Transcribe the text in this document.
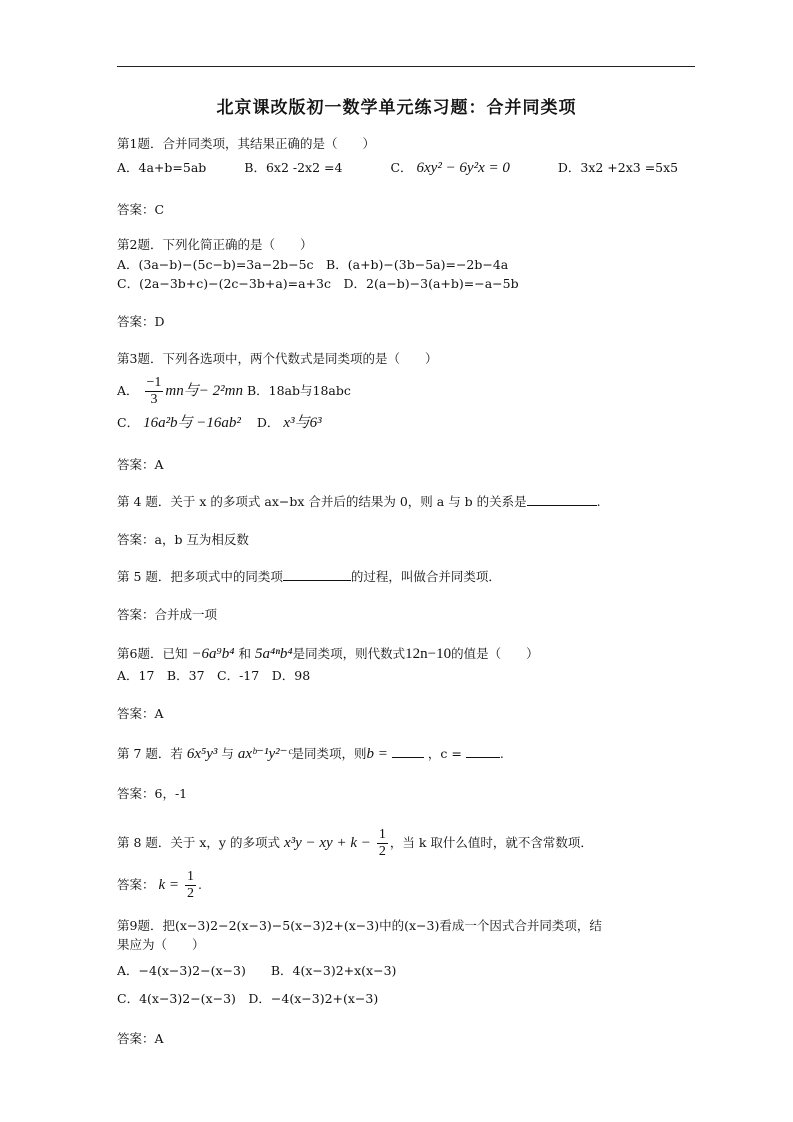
北京课改版初一数学单元练习题：合并同类项
第1题．合并同类项，其结果正确的是（　　）
A．4a+b=5ab	B．6x2 -2x2 =4	C． 6xy² − 6y²x = 0	D．3x2 +2x3 =5x5
答案：C
第2题．下列化简正确的是（　　）
A．(3a−b)−(5c−b)=3a−2b−5c　B．(a+b)−(3b−5a)=−2b−4a
C．(2a−3b+c)−(2c−3b+a)=a+3c　D．2(a−b)−3(a+b)=−a−5b
答案：D
第3题．下列各选项中，两个代数式是同类项的是（　　）
A． $\frac{-1}{3}$ mn与− 2²mn B．18ab与18abc
C． 16a²b与 −16ab² D． x³与6³
答案：A
第 4 题．关于 x 的多项式 ax−bx 合并后的结果为 0，则 a 与 b 的关系是	.
答案：a，b 互为相反数
第 5 题．把多项式中的同类项	的过程，叫做合并同类项．
答案：合并成一项
第6题．已知 −6a⁹b⁴ 和 5a⁴ⁿb⁴是同类项，则代数式12n−10的值是（　　）
A．17　B．37　C．-17　D．98
答案：A
第 7 题．若 6x⁵y³ 与 axᵇ⁻¹y²⁻ᶜ是同类项，则b =	，c =	.
答案：6，-1
第 8 题．关于 x，y 的多项式 x³y − xy + $k - \frac{1}{2}$ ，当 k 取什么值时，就不含常数项．
答案： $k = \frac{1}{2}$ .
第9题．把(x−3)2−2(x−3)−5(x−3)2+(x−3)中的(x−3)看成一个因式合并同类项，结
果应为（　　）
A．−4(x−3)2−(x−3)　　B．4(x−3)2+x(x−3)
C．4(x−3)2−(x−3)　D．−4(x−3)2+(x−3)
答案：A
